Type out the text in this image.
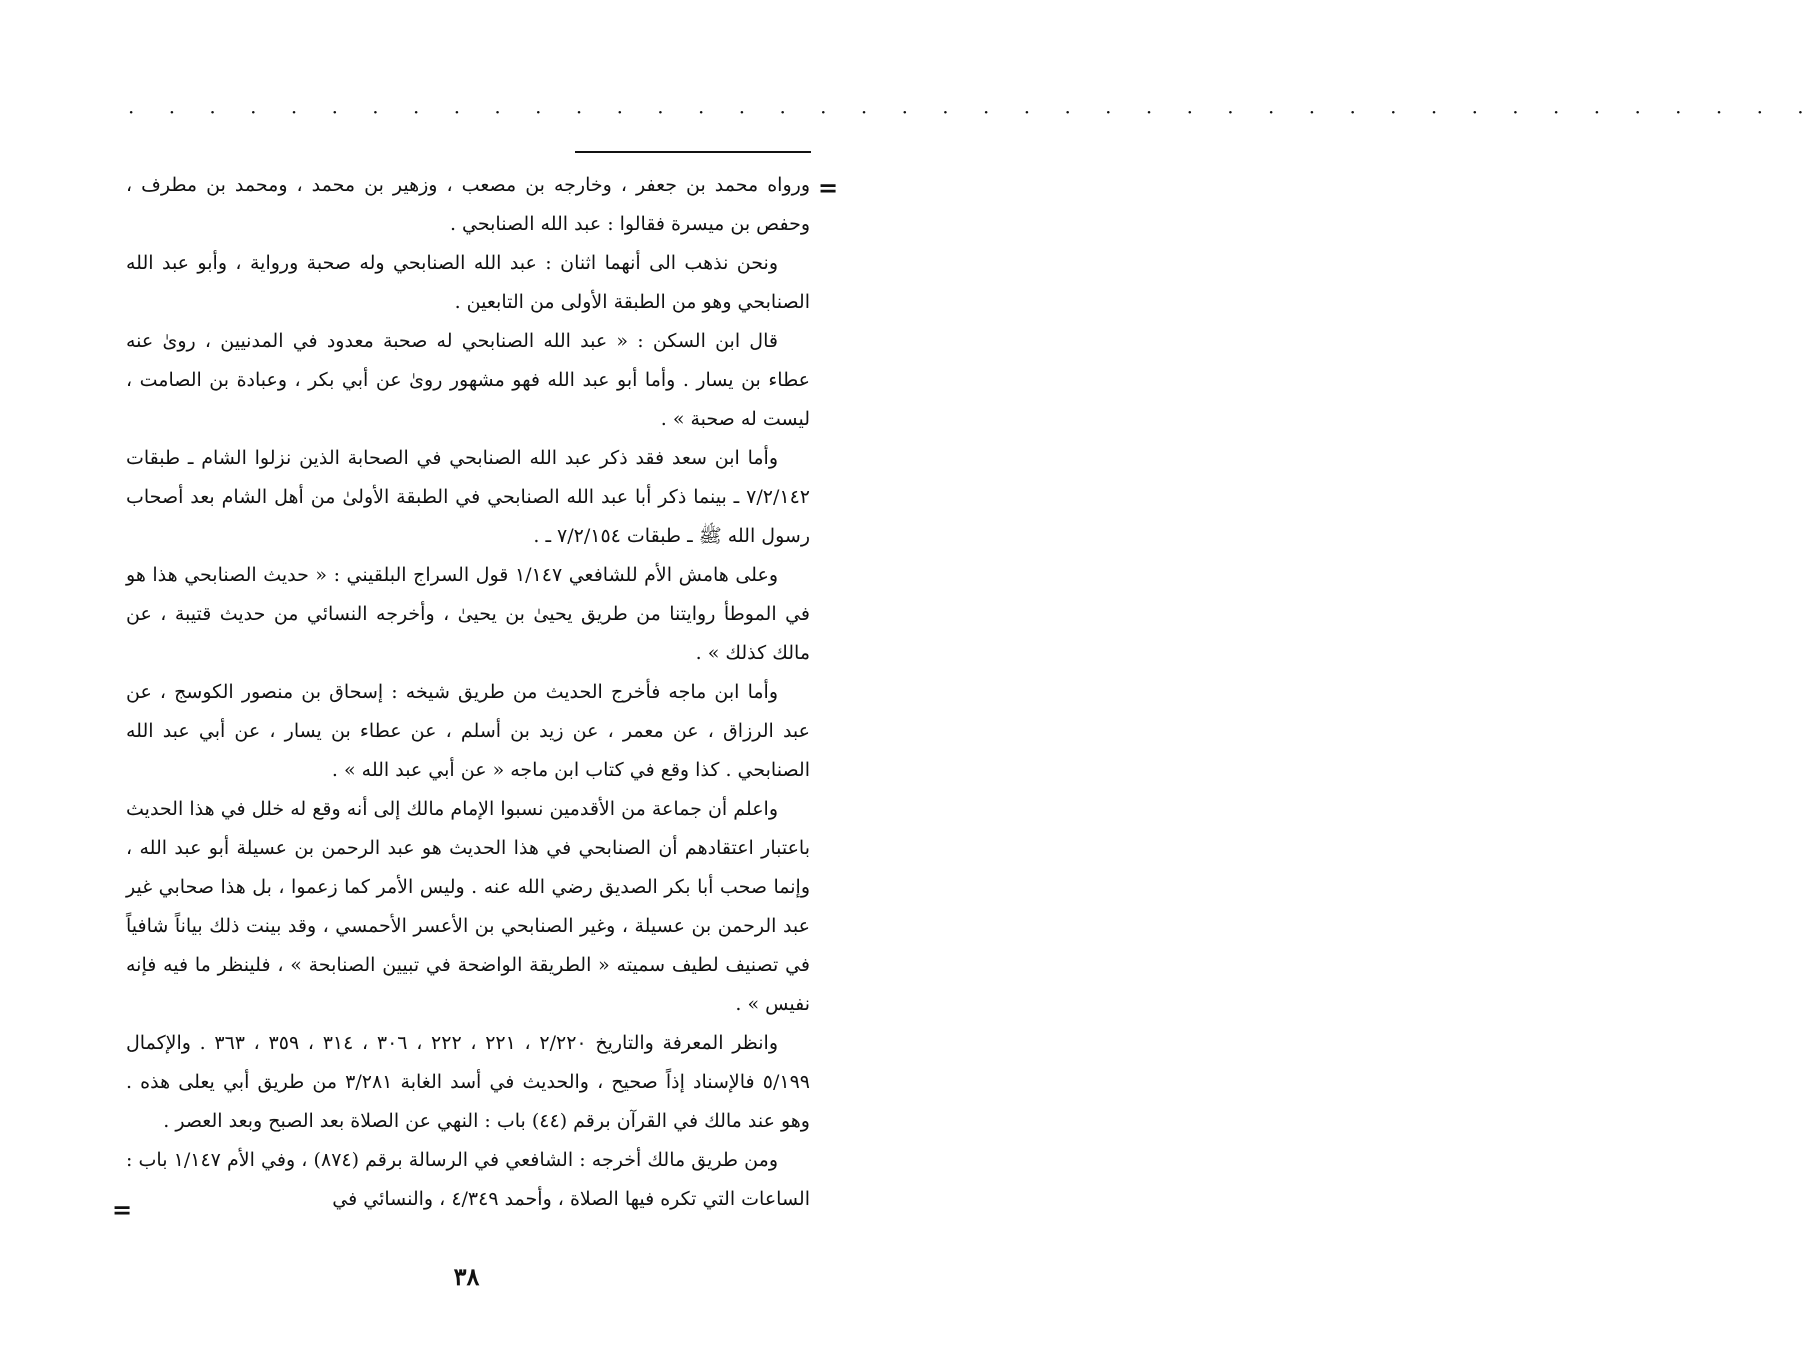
· · · · · · · · · · · · · · · · · · · · · · · · · · · · · · · · · · · · · · · · · ·
=

ورواه محمد بن جعفر ، وخارجه بن مصعب ، وزهير بن محمد ، ومحمد بن مطرف ، وحفص بن ميسرة فقالوا : عبد الله الصنابحي .

ونحن نذهب الى أنهما اثنان : عبد الله الصنابحي وله صحبة ورواية ، وأبو عبد الله الصنابحي وهو من الطبقة الأولى من التابعين .

قال ابن السكن : « عبد الله الصنابحي له صحبة معدود في المدنيين ، روىٰ عنه عطاء بن يسار . وأما أبو عبد الله فهو مشهور روىٰ عن أبي بكر ، وعبادة بن الصامت ، ليست له صحبة » .

وأما ابن سعد فقد ذكر عبد الله الصنابحي في الصحابة الذين نزلوا الشام ـ طبقات ٧/٢/١٤٢ ـ بينما ذكر أبا عبد الله الصنابحي في الطبقة الأولىٰ من أهل الشام بعد أصحاب رسول الله ﷺ ـ طبقات ٧/٢/١٥٤ ـ .

وعلى هامش الأم للشافعي ١/١٤٧ قول السراج البلقيني : « حديث الصنابحي هذا هو في الموطأ روايتنا من طريق يحيىٰ بن يحيىٰ ، وأخرجه النسائي من حديث قتيبة ، عن مالك كذلك » .

وأما ابن ماجه فأخرج الحديث من طريق شيخه : إسحاق بن منصور الكوسج ، عن عبد الرزاق ، عن معمر ، عن زيد بن أسلم ، عن عطاء بن يسار ، عن أبي عبد الله الصنابحي . كذا وقع في كتاب ابن ماجه « عن أبي عبد الله » .

واعلم أن جماعة من الأقدمين نسبوا الإمام مالك إلى أنه وقع له خلل في هذا الحديث باعتبار اعتقادهم أن الصنابحي في هذا الحديث هو عبد الرحمن بن عسيلة أبو عبد الله ، وإنما صحب أبا بكر الصديق رضي الله عنه . وليس الأمر كما زعموا ، بل هذا صحابي غير عبد الرحمن بن عسيلة ، وغير الصنابحي بن الأعسر الأحمسي ، وقد بينت ذلك بياناً شافياً في تصنيف لطيف سميته « الطريقة الواضحة في تبيين الصنابحة » ، فلينظر ما فيه فإنه نفيس » .

وانظر المعرفة والتاريخ ٢/٢٢٠ ، ٢٢١ ، ٢٢٢ ، ٣٠٦ ، ٣١٤ ، ٣٥٩ ، ٣٦٣ . والإكمال ٥/١٩٩ فالإسناد إذاً صحيح ، والحديث في أسد الغابة ٣/٢٨١ من طريق أبي يعلى هذه . وهو عند مالك في القرآن برقم (٤٤) باب : النهي عن الصلاة بعد الصبح وبعد العصر .

ومن طريق مالك أخرجه : الشافعي في الرسالة برقم (٨٧٤) ، وفي الأم ١/١٤٧ باب : الساعات التي تكره فيها الصلاة ، وأحمد ٤/٣٤٩ ، والنسائي في

=
٣٨
